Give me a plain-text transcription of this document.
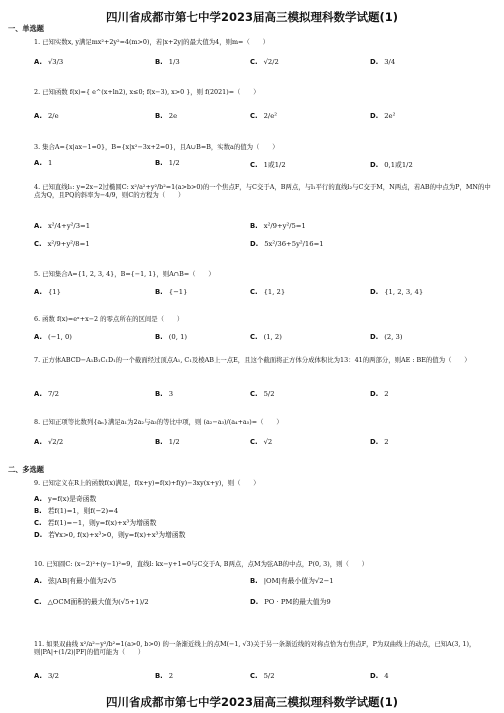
四川省成都市第七中学2023届高三模拟理科数学试题(1)
一、单选题
二、多选题
1. 已知实数x, y满足mx²+2y²=4(m>0)，若|x+2y|的最大值为4，则m=（　　）
2. 已知函数 f(x)={ e^(x+ln2), x≤0; f(x−3), x>0 }，则 f(2021)=（　　）
3. 集合A={x|ax−1=0}，B={x|x²−3x+2=0}，且A∪B=B，实数a的值为（　　）
4. 已知直线l₁: y=2x−2过椭圆C: x²/a²+y²/b²=1(a>b>0)的一个焦点F，与C交于A，B两点，与l₁平行的直线l₂与C交于M，N两点，若AB的中点为P，MN的中点为Q，且PQ的斜率为−4/9，则C的方程为（　　）
5. 已知集合A={1, 2, 3, 4}，B={−1, 1}，则A∩B=（　　）
6. 函数 f(x)=eˣ+x−2 的零点所在的区间是（　　）
7. 正方体ABCD−A₁B₁C₁D₁的一个截面经过顶点A₁, C₁及棱AB上一点E，且这个截面将正方体分成体积比为13：41的两部分，则AE : BE的值为（　　）
8. 已知正项等比数列{aₙ}满足a₁为2a₂与a₃的等比中项，则 (a₂−a₃)/(a₄+a₅)=（　　）
9. 已知定义在R上的函数f(x)满足，f(x+y)=f(x)+f(y)−3xy(x+y)，则（　　）
10. 已知圆C: (x−2)²+(y−1)²=9，直线l: kx−y+1=0与C交于A, B两点，点M为弦AB的中点，P(0, 3)，则（　　）
11. 如果双曲线 x²/a²−y²/b²=1(a>0, b>0) 的一条渐近线上的点M(−1, √3)关于另一条渐近线的对称点恰为右焦点F，P为双曲线上的动点，已知A(3, 1)，则|PA|+(1/2)|PF|的值可能为（　　）
A. √3/3	B. 1/3	C. √2/2	D. 3/4
A. 2/e	B. 2e	C. 2/e²	D. 2e²
A. 1	B. 1/2	C. 1或1/2	D. 0,1或1/2
A. x²/4+y²/3=1	B. x²/9+y²/5=1
C. x²/9+y²/8=1	D. 5x²/36+5y²/16=1
A. {1}	B. {−1}	C. {1, 2}	D. {1, 2, 3, 4}
A. (−1, 0)	B. (0, 1)	C. (1, 2)	D. (2, 3)
A. 7/2	B. 3	C. 5/2	D. 2
A. √2/2	B. 1/2	C. √2	D. 2
A. y=f(x)是奇函数
B. 若f(1)=1，则f(−2)=4
C. 若f(1)=−1，则y=f(x)+x³为增函数
D. 若∀x>0, f(x)+x³>0，则y=f(x)+x³为增函数
A. 弦|AB|有最小值为2√5	B. |OM|有最小值为√2−1
C. △OCM面积的最大值为(√5+1)/2	D. PO · PM的最大值为9
A. 3/2	B. 2	C. 5/2	D. 4
四川省成都市第七中学2023届高三模拟理科数学试题(1)
